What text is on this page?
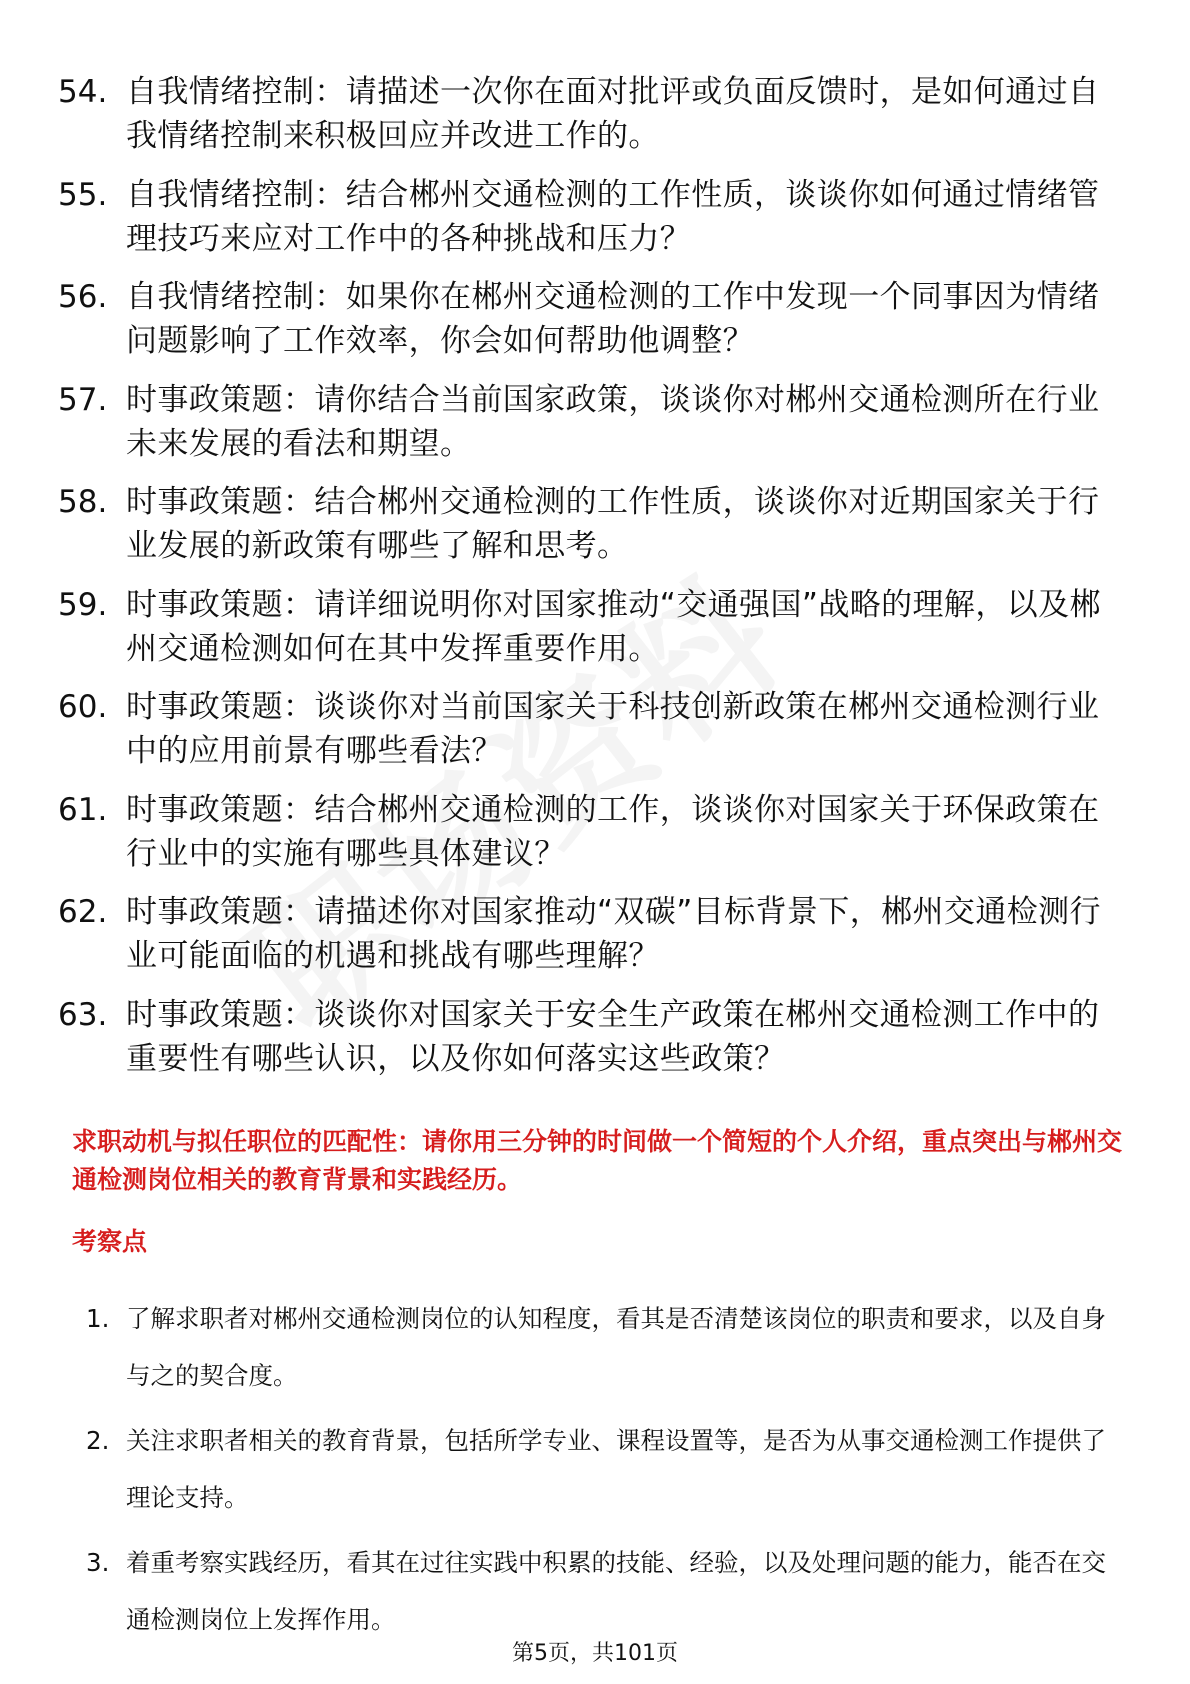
54. 自我情绪控制：请描述一次你在面对批评或负面反馈时，是如何通过自我情绪控制来积极回应并改进工作的。
55. 自我情绪控制：结合郴州交通检测的工作性质，谈谈你如何通过情绪管理技巧来应对工作中的各种挑战和压力？
56. 自我情绪控制：如果你在郴州交通检测的工作中发现一个同事因为情绪问题影响了工作效率，你会如何帮助他调整？
57. 时事政策题：请你结合当前国家政策，谈谈你对郴州交通检测所在行业未来发展的看法和期望。
58. 时事政策题：结合郴州交通检测的工作性质，谈谈你对近期国家关于行业发展的新政策有哪些了解和思考。
59. 时事政策题：请详细说明你对国家推动“交通强国”战略的理解，以及郴州交通检测如何在其中发挥重要作用。
60. 时事政策题：谈谈你对当前国家关于科技创新政策在郴州交通检测行业中的应用前景有哪些看法？
61. 时事政策题：结合郴州交通检测的工作，谈谈你对国家关于环保政策在行业中的实施有哪些具体建议？
62. 时事政策题：请描述你对国家推动“双碳”目标背景下，郴州交通检测行业可能面临的机遇和挑战有哪些理解？
63. 时事政策题：谈谈你对国家关于安全生产政策在郴州交通检测工作中的重要性有哪些认识，以及你如何落实这些政策？
求职动机与拟任职位的匹配性：请你用三分钟的时间做一个简短的个人介绍，重点突出与郴州交通检测岗位相关的教育背景和实践经历。
考察点
1. 了解求职者对郴州交通检测岗位的认知程度，看其是否清楚该岗位的职责和要求，以及自身与之的契合度。
2. 关注求职者相关的教育背景，包括所学专业、课程设置等，是否为从事交通检测工作提供了理论支持。
3. 着重考察实践经历，看其在过往实践中积累的技能、经验，以及处理问题的能力，能否在交通检测岗位上发挥作用。
第5页，共101页
